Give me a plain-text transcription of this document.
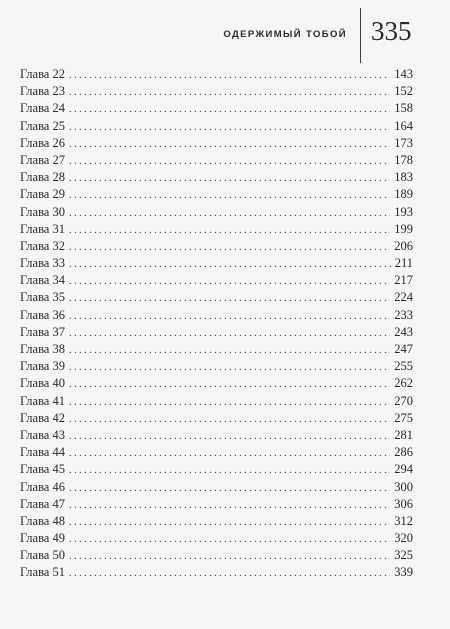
ОДЕРЖИМЫЙ ТОБОЙ 335
Глава 22 . . .	143
Глава 23 . . .	152
Глава 24 . . .	158
Глава 25 . . .	164
Глава 26 . . .	173
Глава 27 . . .	178
Глава 28 . . .	183
Глава 29 . . .	189
Глава 30 . . .	193
Глава 31 . . .	199
Глава 32 . . .	206
Глава 33 . . .	211
Глава 34 . . .	217
Глава 35 . . .	224
Глава 36 . . .	233
Глава 37 . . .	243
Глава 38 . . .	247
Глава 39 . . .	255
Глава 40 . . .	262
Глава 41 . . .	270
Глава 42 . . .	275
Глава 43 . . .	281
Глава 44 . . .	286
Глава 45 . . .	294
Глава 46 . . .	300
Глава 47 . . .	306
Глава 48 . . .	312
Глава 49 . . .	320
Глава 50 . . .	325
Глава 51 . . .	339
